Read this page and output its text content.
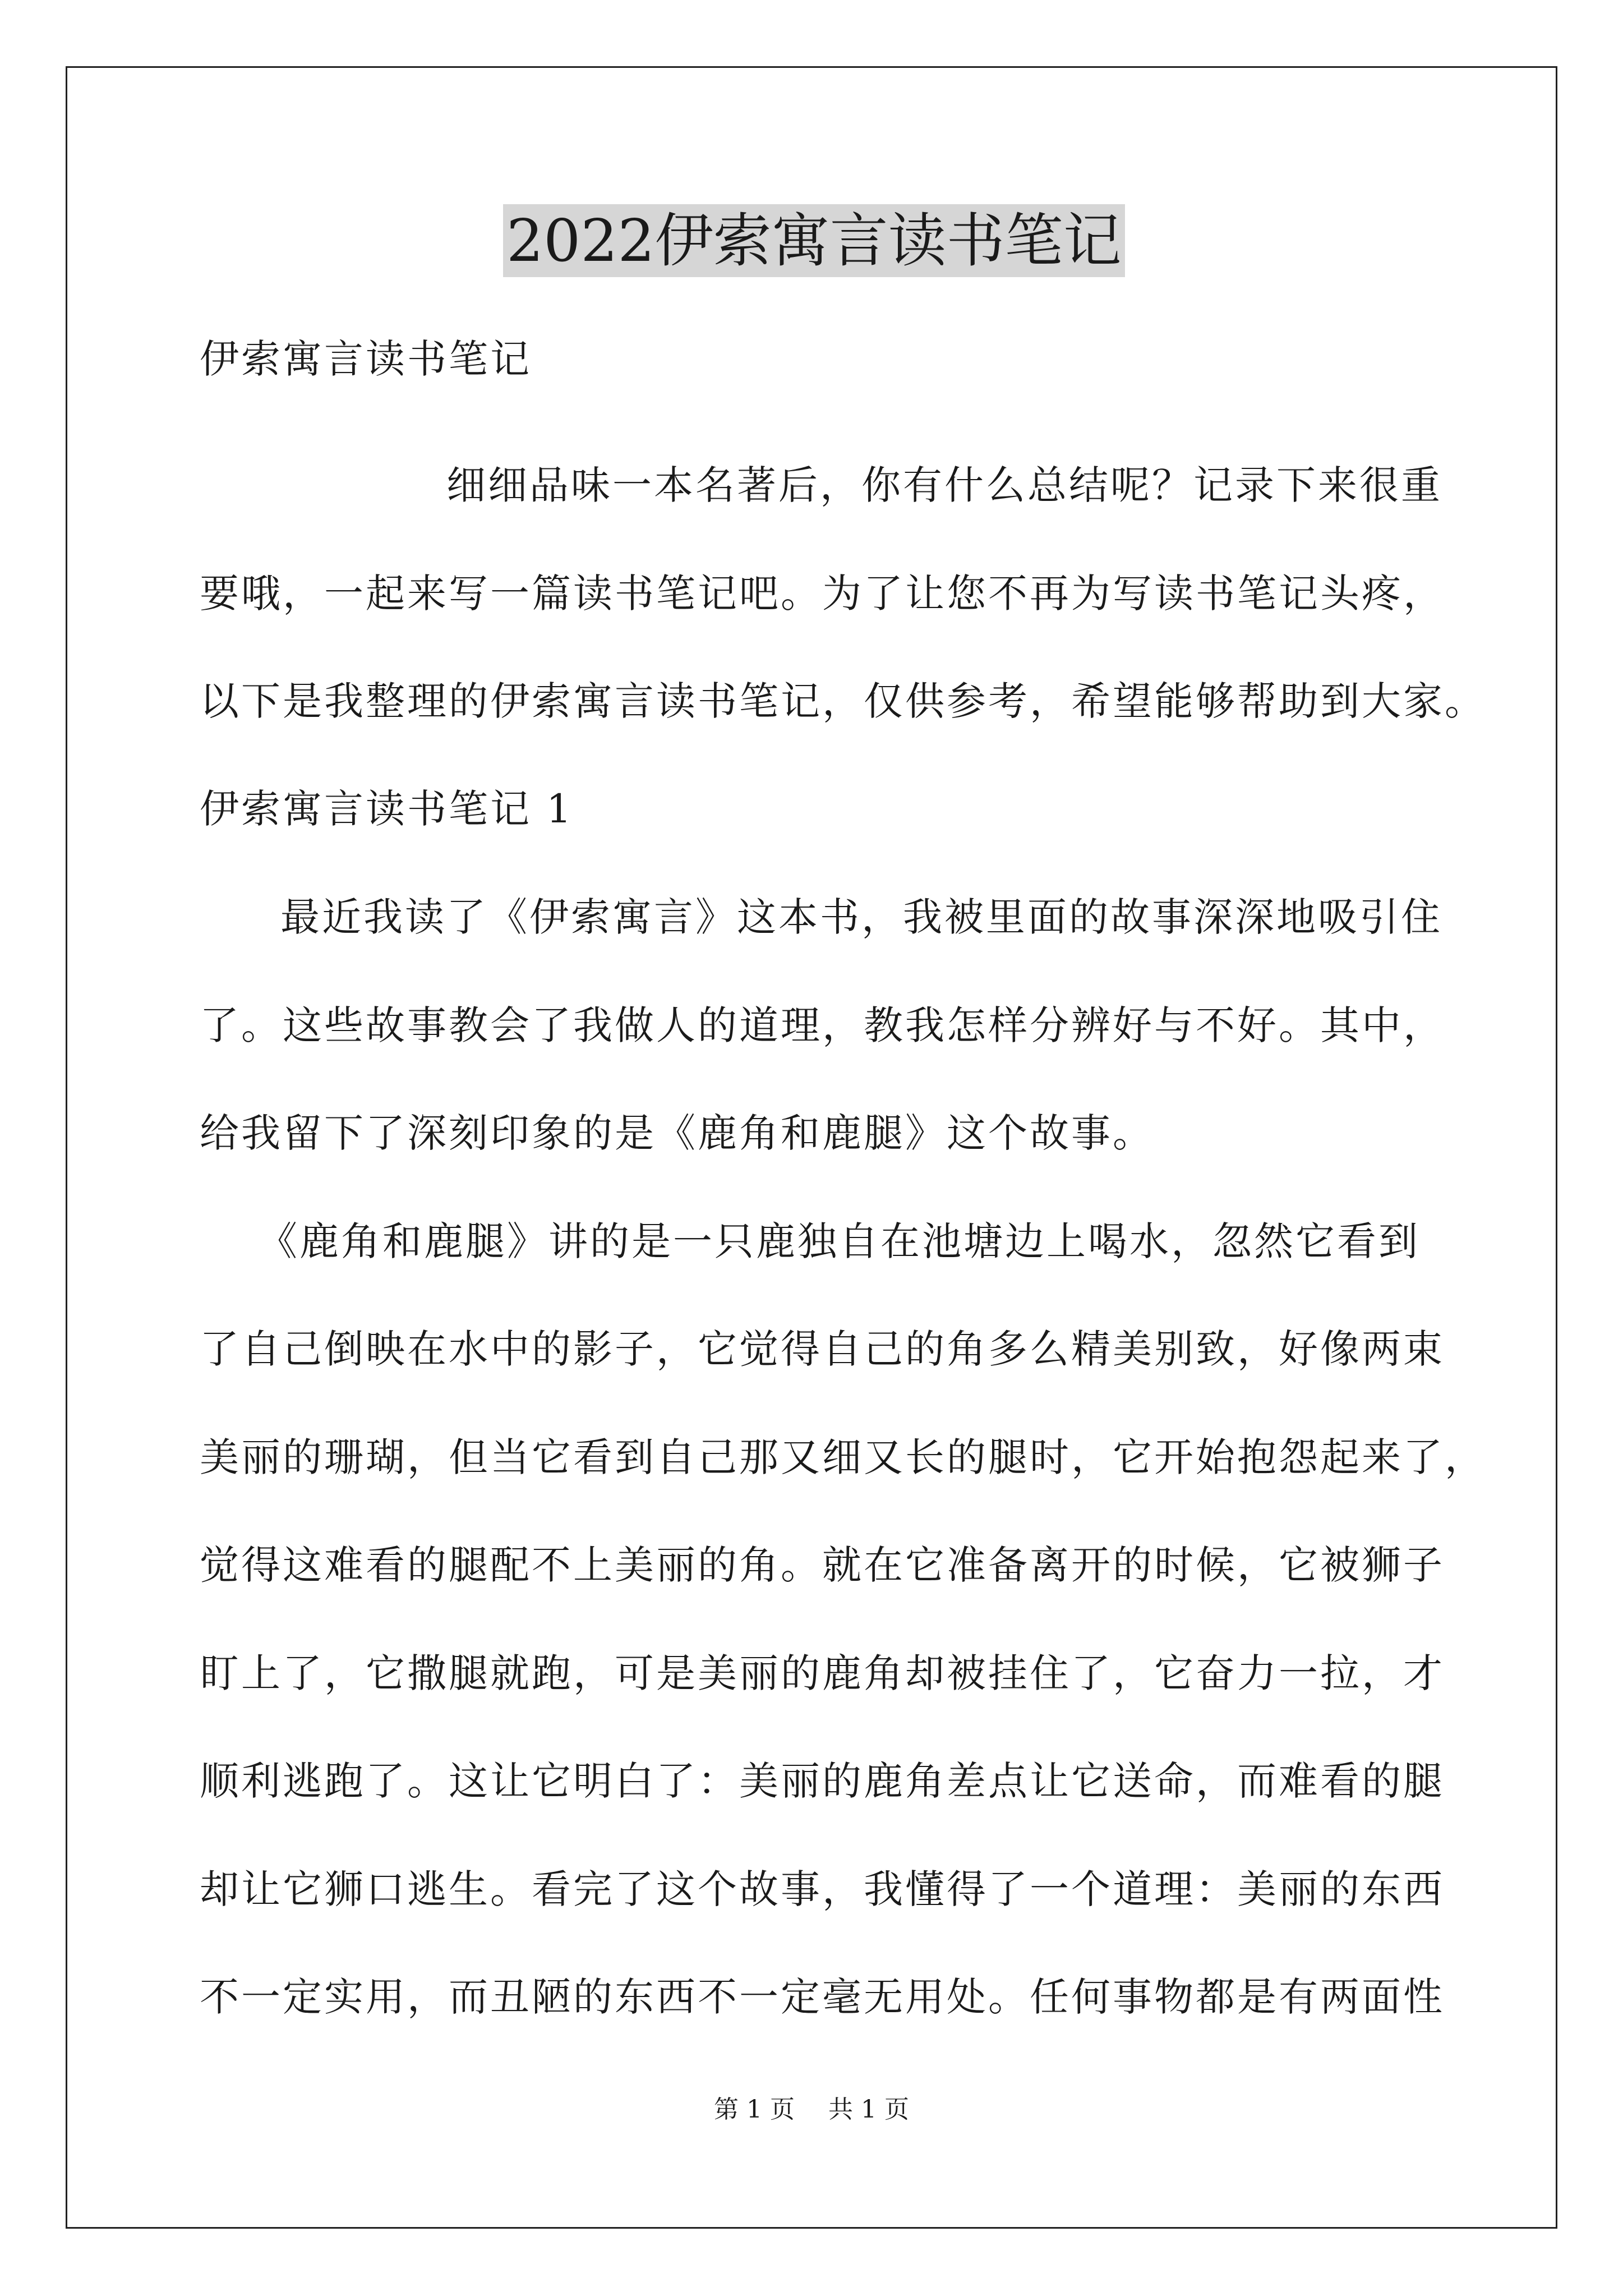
2022伊索寓言读书笔记
伊索寓言读书笔记
细细品味一本名著后，你有什么总结呢？记录下来很重
要哦，一起来写一篇读书笔记吧。为了让您不再为写读书笔记头疼，
以下是我整理的伊索寓言读书笔记，仅供参考，希望能够帮助到大家。
伊索寓言读书笔记 1
最近我读了《伊索寓言》这本书，我被里面的故事深深地吸引住
了。这些故事教会了我做人的道理，教我怎样分辨好与不好。其中，
给我留下了深刻印象的是《鹿角和鹿腿》这个故事。
《鹿角和鹿腿》讲的是一只鹿独自在池塘边上喝水，忽然它看到
了自己倒映在水中的影子，它觉得自己的角多么精美别致，好像两束
美丽的珊瑚，但当它看到自己那又细又长的腿时，它开始抱怨起来了，
觉得这难看的腿配不上美丽的角。就在它准备离开的时候，它被狮子
盯上了，它撒腿就跑，可是美丽的鹿角却被挂住了，它奋力一拉，才
顺利逃跑了。这让它明白了：美丽的鹿角差点让它送命，而难看的腿
却让它狮口逃生。看完了这个故事，我懂得了一个道理：美丽的东西
不一定实用，而丑陋的东西不一定毫无用处。任何事物都是有两面性
第 1 页 共 1 页
